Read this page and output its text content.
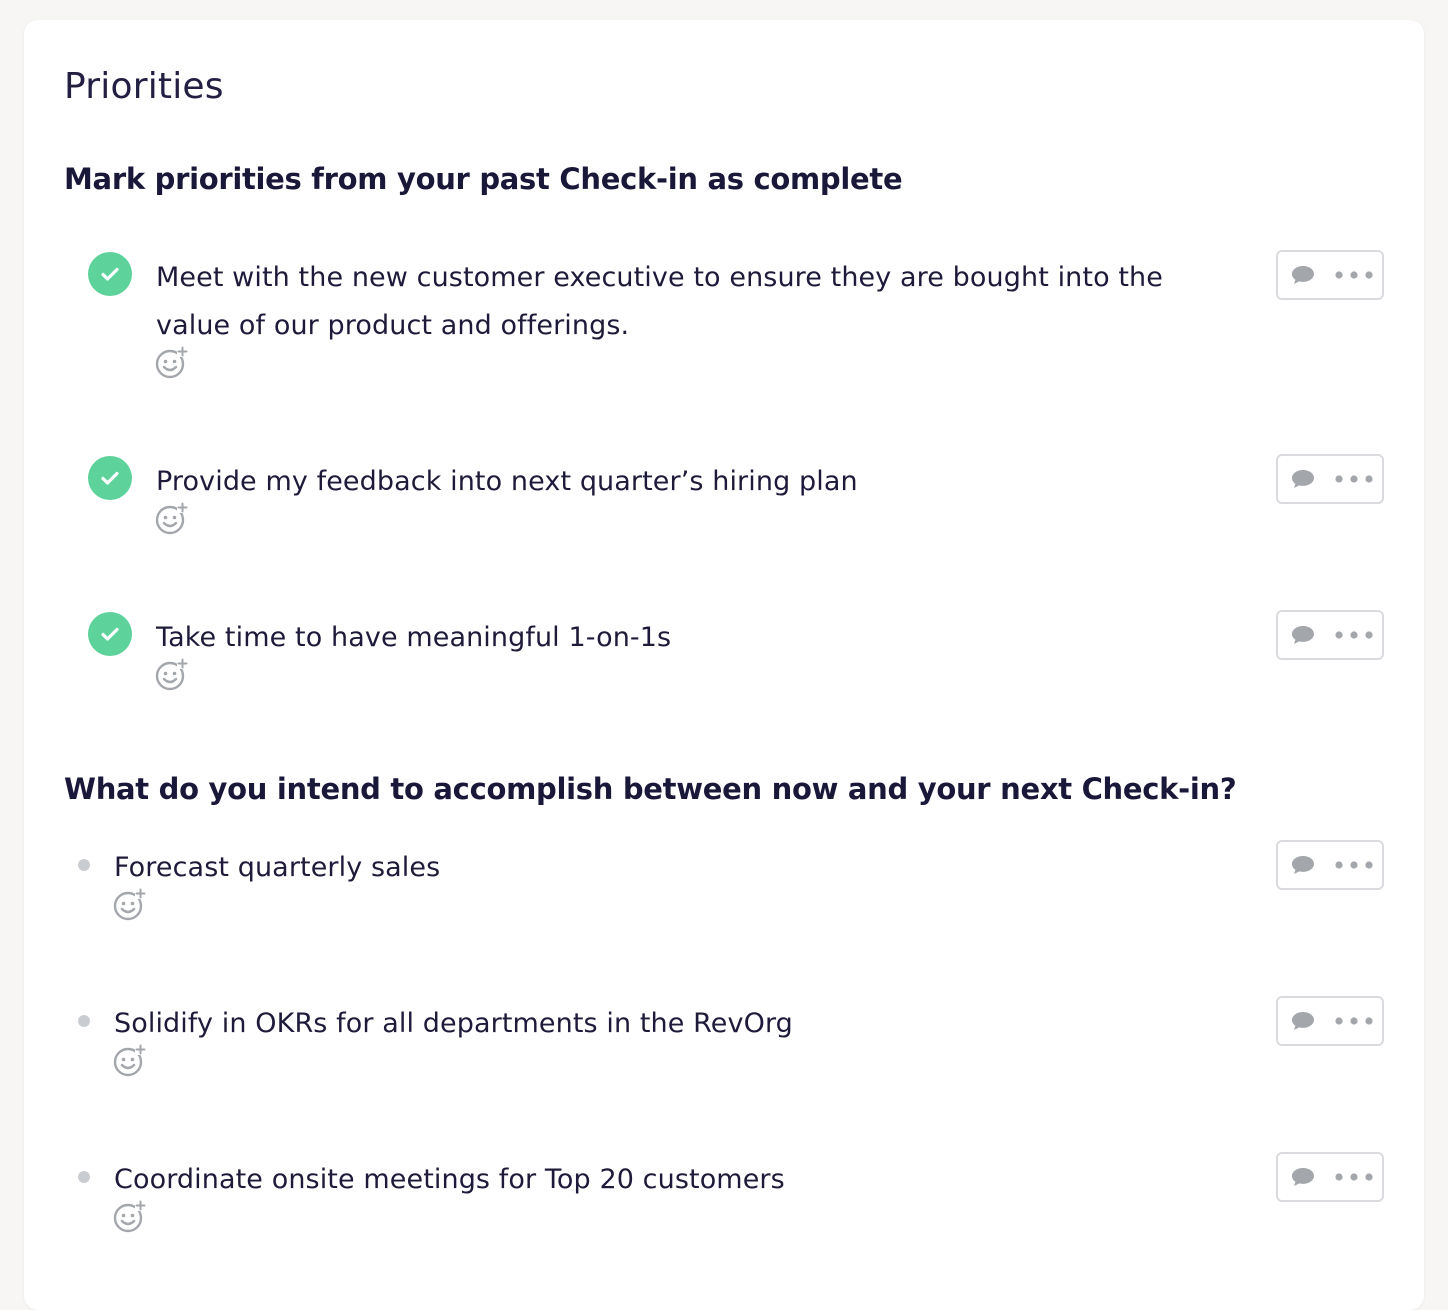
Priorities
Mark priorities from your past Check-in as complete
Meet with the new customer executive to ensure they are bought into the value of our product and offerings.
Provide my feedback into next quarter’s hiring plan
Take time to have meaningful 1-on-1s
What do you intend to accomplish between now and your next Check-in?
Forecast quarterly sales
Solidify in OKRs for all departments in the RevOrg
Coordinate onsite meetings for Top 20 customers
